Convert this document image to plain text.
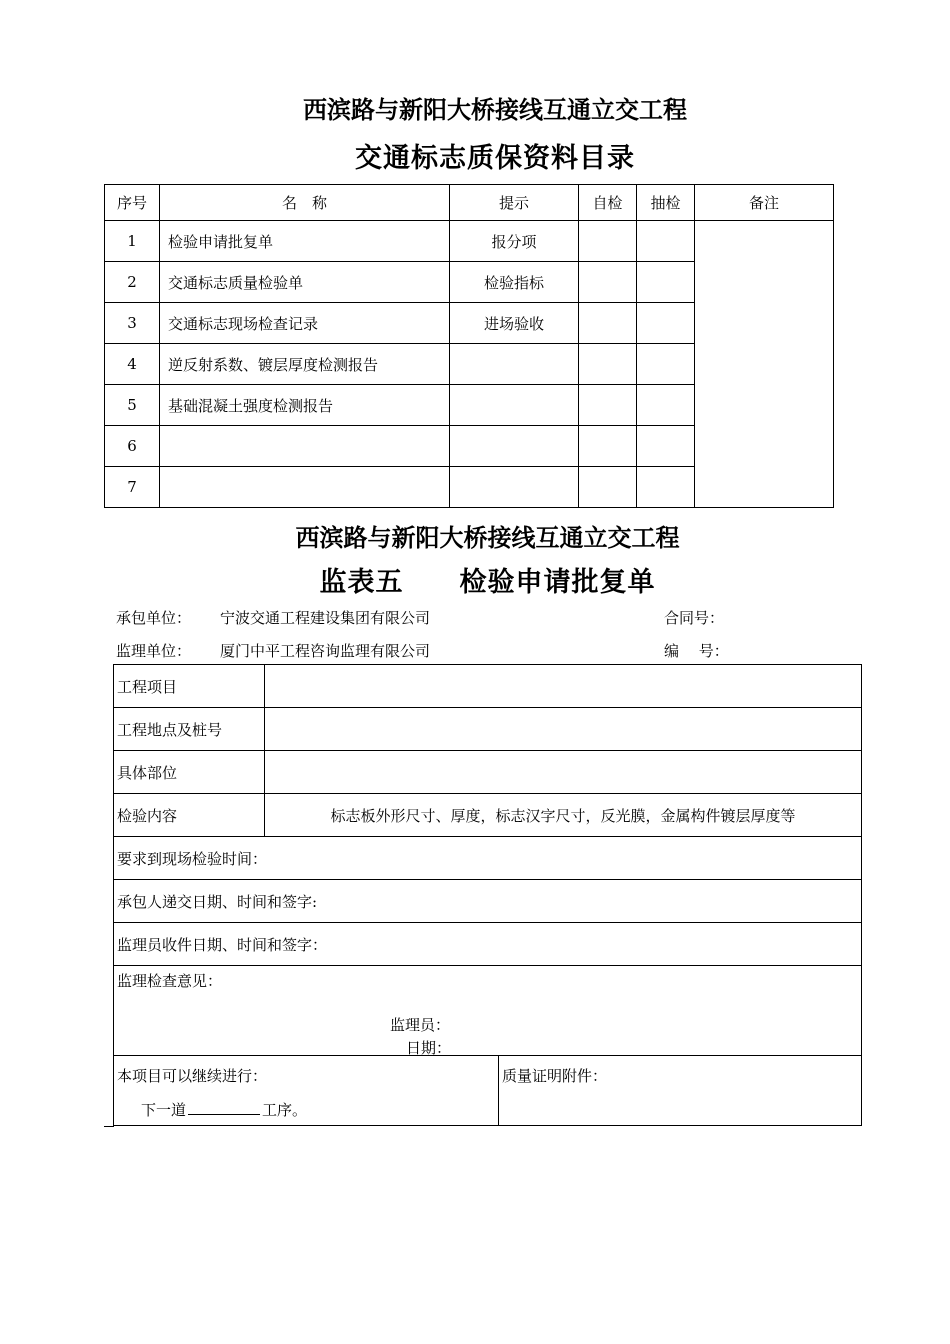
西滨路与新阳大桥接线互通立交工程
交通标志质保资料目录
序号	名　称	提示	自检	抽检	备注
1	检验申请批复单	报分项			
2	交通标志质量检验单	检验指标			
3	交通标志现场检查记录	进场验收			
4	逆反射系数、镀层厚度检测报告				
5	基础混凝土强度检测报告				
6					
7					
西滨路与新阳大桥接线互通立交工程
监表五　　检验申请批复单
承包单位： 宁波交通工程建设集团有限公司	合同号：
监理单位： 厦门中平工程咨询监理有限公司	编　 号：
工程项目		
工程地点及桩号		
具体部位		
检验内容	标志板外形尺寸、厚度，标志汉字尺寸，反光膜，金属构件镀层厚度等	
要求到现场检验时间：		
承包人递交日期、时间和签字:		
监理员收件日期、时间和签字：		

监理检查意见：
监理员：
日期：		

本项目可以继续进行：
下一道 工序。		质量证明附件：
